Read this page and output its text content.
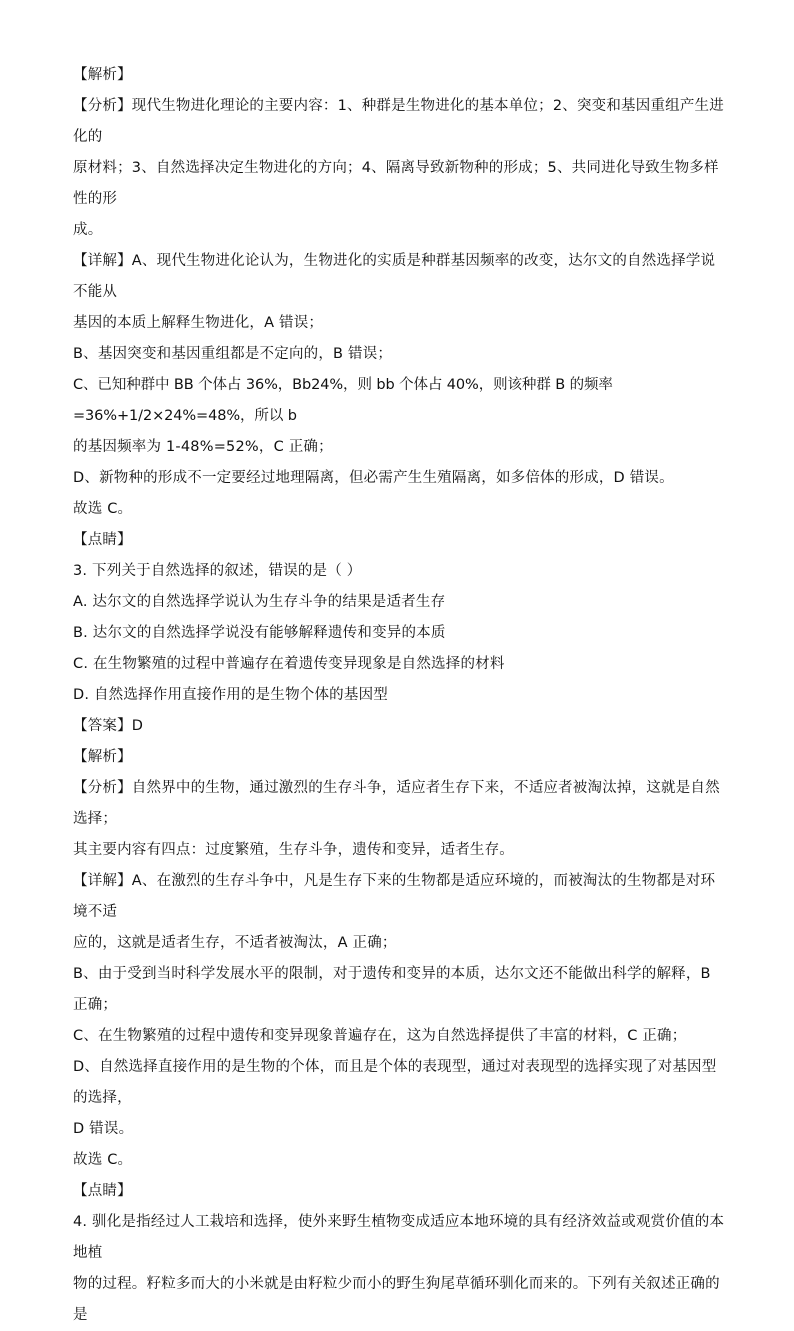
【解析】

【分析】现代生物进化理论的主要内容：1、种群是生物进化的基本单位；2、突变和基因重组产生进化的

原材料；3、自然选择决定生物进化的方向；4、隔离导致新物种的形成；5、共同进化导致生物多样性的形

成。

【详解】A、现代生物进化论认为，生物进化的实质是种群基因频率的改变，达尔文的自然选择学说不能从

基因的本质上解释生物进化，A 错误；

B、基因突变和基因重组都是不定向的，B 错误；

C、已知种群中 BB 个体占 36%，Bb24%，则 bb 个体占 40%，则该种群 B 的频率=36%+1/2×24%=48%，所以 b

的基因频率为 1-48%=52%，C 正确；

D、新物种的形成不一定要经过地理隔离，但必需产生生殖隔离，如多倍体的形成，D 错误。

故选 C。

【点睛】

3. 下列关于自然选择的叙述，错误的是（ ）

A. 达尔文的自然选择学说认为生存斗争的结果是适者生存

B. 达尔文的自然选择学说没有能够解释遗传和变异的本质

C. 在生物繁殖的过程中普遍存在着遗传变异现象是自然选择的材料

D. 自然选择作用直接作用的是生物个体的基因型

【答案】D

【解析】

【分析】自然界中的生物，通过激烈的生存斗争，适应者生存下来，不适应者被淘汰掉，这就是自然选择；

其主要内容有四点：过度繁殖，生存斗争，遗传和变异，适者生存。

【详解】A、在激烈的生存斗争中，凡是生存下来的生物都是适应环境的，而被淘汰的生物都是对环境不适

应的，这就是适者生存，不适者被淘汰，A 正确；

B、由于受到当时科学发展水平的限制，对于遗传和变异的本质，达尔文还不能做出科学的解释，B 正确；

C、在生物繁殖的过程中遗传和变异现象普遍存在，这为自然选择提供了丰富的材料，C 正确；

D、自然选择直接作用的是生物的个体，而且是个体的表现型，通过对表现型的选择实现了对基因型的选择，

D 错误。

故选 C。

【点睛】

4. 驯化是指经过人工栽培和选择，使外来野生植物变成适应本地环境的具有经济效益或观赏价值的本地植

物的过程。籽粒多而大的小米就是由籽粒少而小的野生狗尾草循环驯化而来的。下列有关叙述正确的是
